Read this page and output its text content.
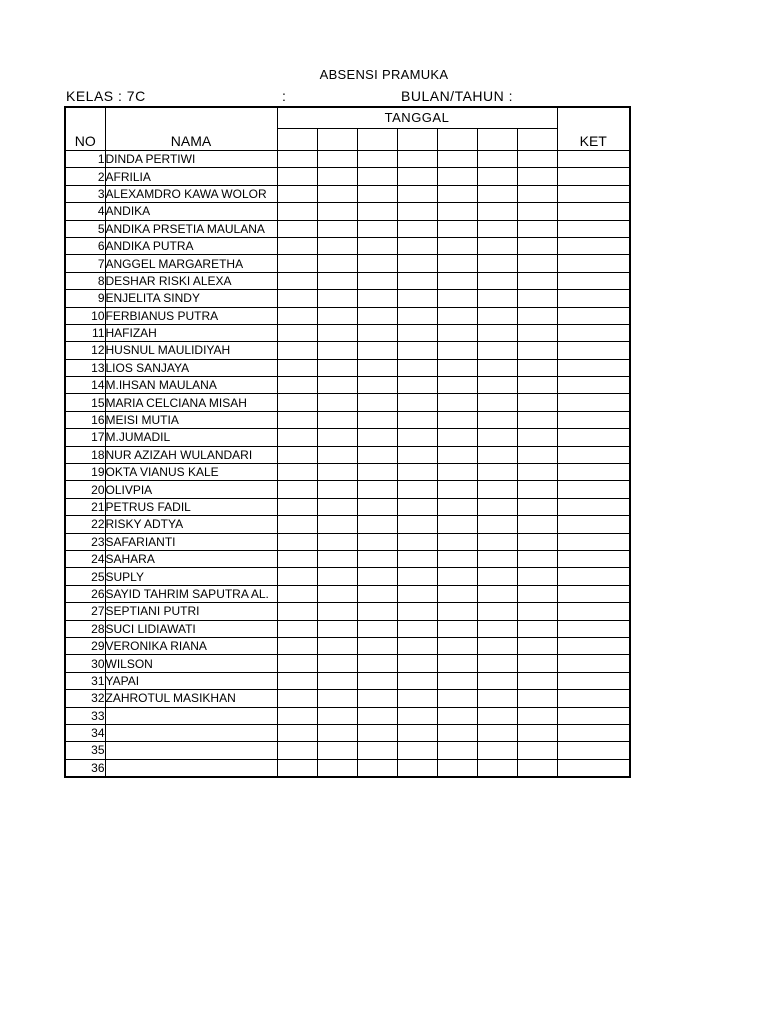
ABSENSI PRAMUKA
KELAS : 7C	:	BULAN/TAHUN :
NO	NAMA	TANGGAL							KET

1	DINDA PERTIWI								
2	AFRILIA								
3	ALEXAMDRO KAWA WOLOR								
4	ANDIKA								
5	ANDIKA PRSETIA MAULANA								
6	ANDIKA PUTRA								
7	ANGGEL MARGARETHA								
8	DESHAR RISKI ALEXA								
9	ENJELITA SINDY								
10	FERBIANUS PUTRA								
11	HAFIZAH								
12	HUSNUL MAULIDIYAH								
13	LIOS SANJAYA								
14	M.IHSAN MAULANA								
15	MARIA CELCIANA MISAH								
16	MEISI MUTIA								
17	M.JUMADIL								
18	NUR AZIZAH WULANDARI								
19	OKTA VIANUS KALE								
20	OLIVPIA								
21	PETRUS FADIL								
22	RISKY ADTYA								
23	SAFARIANTI								
24	SAHARA								
25	SUPLY								
26	SAYID TAHRIM SAPUTRA AL.								
27	SEPTIANI PUTRI								
28	SUCI LIDIAWATI								
29	VERONIKA RIANA								
30	WILSON								
31	YAPAI								
32	ZAHROTUL MASIKHAN								
33									
34									
35									
36									
